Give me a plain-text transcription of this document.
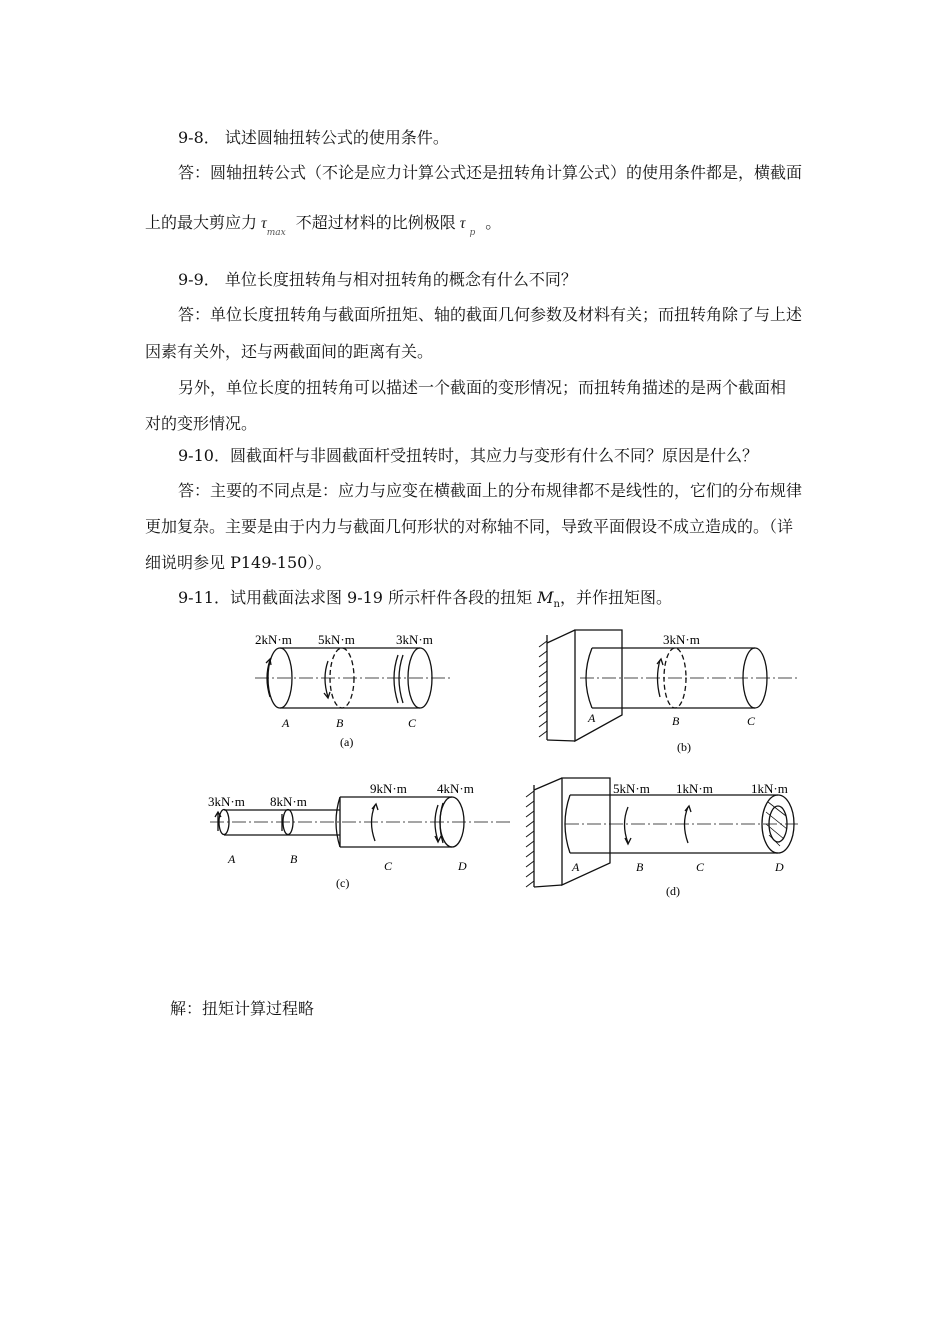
9-8． 试述圆轴扭转公式的使用条件。
答：圆轴扭转公式（不论是应力计算公式还是扭转角计算公式）的使用条件都是，横截面
上的最大剪应力 $\tau_{max}$不超过材料的比例极限 $\tau_p$。
9-9． 单位长度扭转角与相对扭转角的概念有什么不同？
答：单位长度扭转角与截面所扭矩、轴的截面几何参数及材料有关；而扭转角除了与上述
因素有关外，还与两截面间的距离有关。
另外，单位长度的扭转角可以描述一个截面的变形情况；而扭转角描述的是两个截面相
对的变形情况。
9-10．圆截面杆与非圆截面杆受扭转时，其应力与变形有什么不同？原因是什么？
答：主要的不同点是：应力与应变在横截面上的分布规律都不是线性的，它们的分布规律
更加复杂。主要是由于内力与截面几何形状的对称轴不同，导致平面假设不成立造成的。（详
细说明参见 P149-150）。
9-11．试用截面法求图 9-19 所示杆件各段的扭矩 $M_n$，并作扭矩图。
2kN·m 5kN·m	3kN·m
A	B	C
(a)
3kN·m
A	B	C
(b)
3kN·m 8kN·m
9kN·m 4kN·m
A	B	C	D
(c)
5kN·m 1kN·m	1kN·m
A	B	C	D
(d)
解：扭矩计算过程略
